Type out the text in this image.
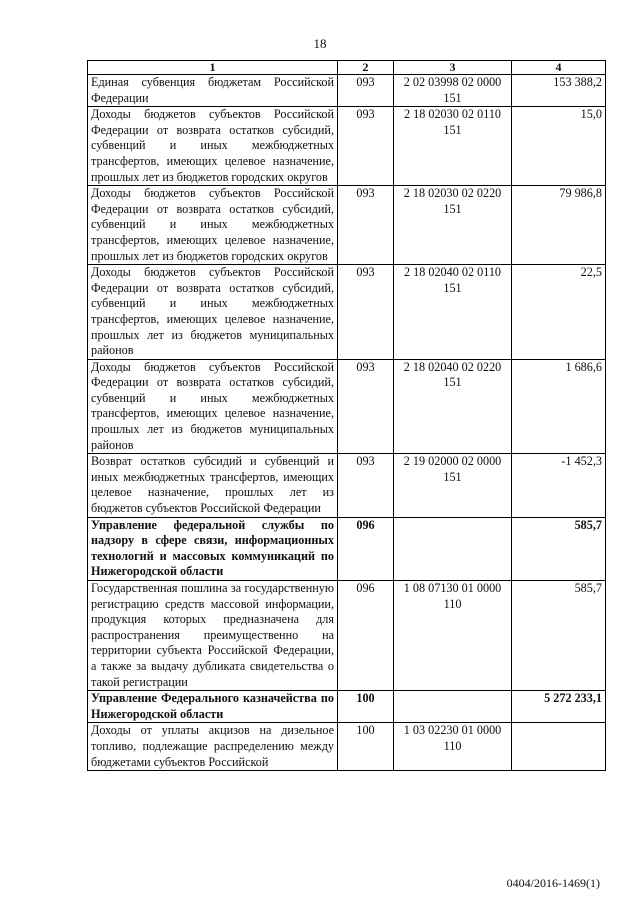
18
1	2	3	4
Единая субвенция бюджетам Российской Федерации	093	2 02 03998 02 0000 151	153 388,2
Доходы бюджетов субъектов Российской Федерации от возврата остатков субсидий, субвенций и иных межбюджетных трансфертов, имеющих целевое назначение, прошлых лет из бюджетов городских округов	093	2 18 02030 02 0110 151	15,0
Доходы бюджетов субъектов Российской Федерации от возврата остатков субсидий, субвенций и иных межбюджетных трансфертов, имеющих целевое назначение, прошлых лет из бюджетов городских округов	093	2 18 02030 02 0220 151	79 986,8
Доходы бюджетов субъектов Российской Федерации от возврата остатков субсидий, субвенций и иных межбюджетных трансфертов, имеющих целевое назначение, прошлых лет из бюджетов муниципальных районов	093	2 18 02040 02 0110 151	22,5
Доходы бюджетов субъектов Российской Федерации от возврата остатков субсидий, субвенций и иных межбюджетных трансфертов, имеющих целевое назначение, прошлых лет из бюджетов муниципальных районов	093	2 18 02040 02 0220 151	1 686,6
Возврат остатков субсидий и субвенций и иных межбюджетных трансфертов, имеющих целевое назначение, прошлых лет из бюджетов субъектов Российской Федерации	093	2 19 02000 02 0000 151	-1 452,3
Управление федеральной службы по надзору в сфере связи, информационных технологий и массовых коммуникаций по Нижегородской области	096		585,7
Государственная пошлина за государственную регистрацию средств массовой информации, продукция которых предназначена для распространения преимущественно на территории субъекта Российской Федерации, а также за выдачу дубликата свидетельства о такой регистрации	096	1 08 07130 01 0000 110	585,7
Управление Федерального казначейства по Нижегородской области	100		5 272 233,1
Доходы от уплаты акцизов на дизельное топливо, подлежащие распределению между бюджетами субъектов Российской	100	1 03 02230 01 0000 110	
0404/2016-1469(1)
